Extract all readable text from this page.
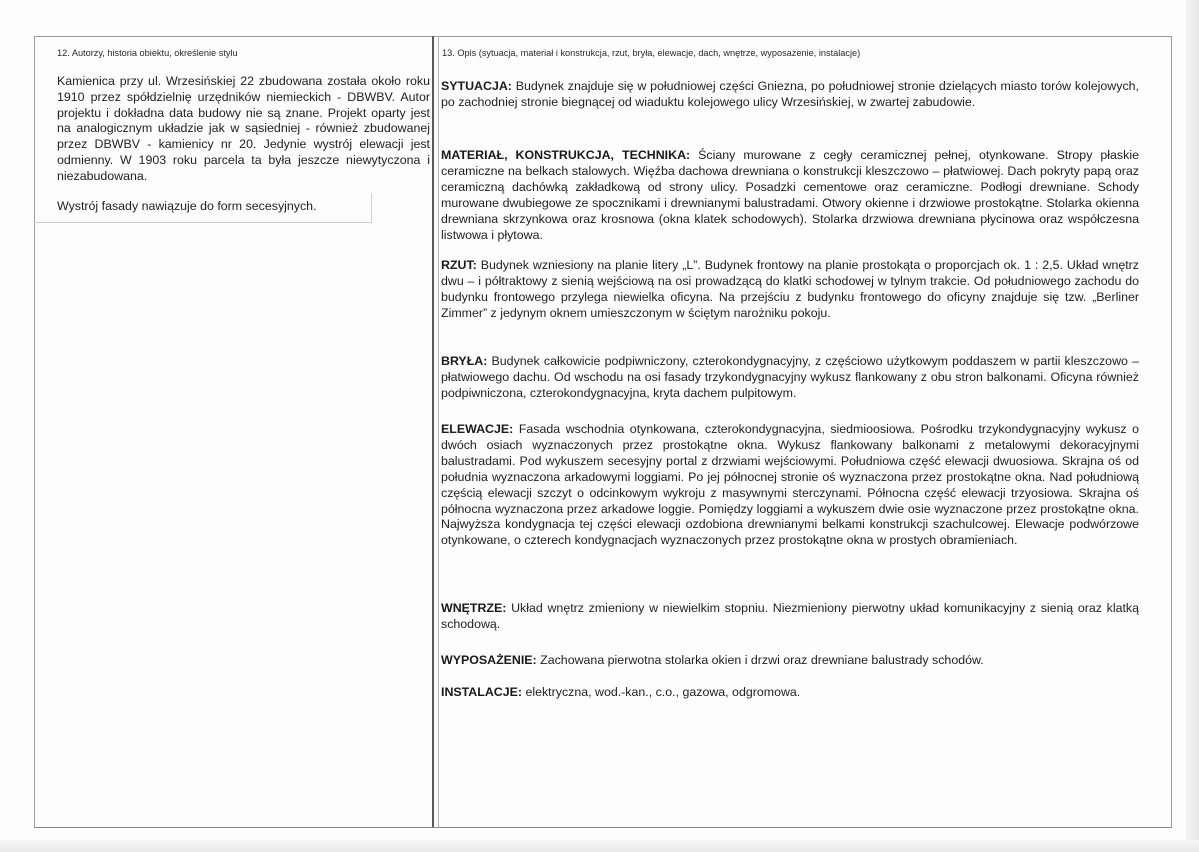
12. Autorzy, historia obiektu, określenie stylu	13. Opis (sytuacja, materiał i konstrukcja, rzut, bryła, elewacje, dach, wnętrze, wyposażenie, instalacje)

Kamienica przy ul. Wrzesińskiej 22 zbudowana została około roku 1910 przez spółdzielnię urzędników niemieckich - DBWBV. Autor projektu i dokładna data budowy nie są znane. Projekt oparty jest na analogicznym układzie jak w sąsiedniej - również zbudowanej przez DBWBV - kamienicy nr 20. Jedynie wystrój elewacji jest odmienny. W 1903 roku parcela ta była jeszcze niewytyczona i niezabudowana.

Wystrój fasady nawiązuje do form secesyjnych.

SYTUACJA: Budynek znajduje się w południowej części Gniezna, po południowej stronie dzielących miasto torów kolejowych, po zachodniej stronie biegnącej od wiaduktu kolejowego ulicy Wrzesińskiej, w zwartej zabudowie.

MATERIAŁ, KONSTRUKCJA, TECHNIKA: Ściany murowane z cegły ceramicznej pełnej, otynkowane. Stropy płaskie ceramiczne na belkach stalowych. Więźba dachowa drewniana o konstrukcji kleszczowo – płatwiowej. Dach pokryty papą oraz ceramiczną dachówką zakładkową od strony ulicy. Posadzki cementowe oraz ceramiczne. Podłogi drewniane. Schody murowane dwubiegowe ze spocznikami i drewnianymi balustradami. Otwory okienne i drzwiowe prostokątne. Stolarka okienna drewniana skrzynkowa oraz krosnowa (okna klatek schodowych). Stolarka drzwiowa drewniana płycinowa oraz współczesna listwowa i płytowa.

RZUT: Budynek wzniesiony na planie litery „L”. Budynek frontowy na planie prostokąta o proporcjach ok. 1 : 2,5. Układ wnętrz dwu – i półtraktowy z sienią wejściową na osi prowadzącą do klatki schodowej w tylnym trakcie. Od południowego zachodu do budynku frontowego przylega niewielka oficyna. Na przejściu z budynku frontowego do oficyny znajduje się tzw. „Berliner Zimmer” z jedynym oknem umieszczonym w ściętym narożniku pokoju.

BRYŁA: Budynek całkowicie podpiwniczony, czterokondygnacyjny, z częściowo użytkowym poddaszem w partii kleszczowo – płatwiowego dachu. Od wschodu na osi fasady trzykondygnacyjny wykusz flankowany z obu stron balkonami. Oficyna również podpiwniczona, czterokondygnacyjna, kryta dachem pulpitowym.

ELEWACJE: Fasada wschodnia otynkowana, czterokondygnacyjna, siedmioosiowa. Pośrodku trzykondygnacyjny wykusz o dwóch osiach wyznaczonych przez prostokątne okna. Wykusz flankowany balkonami z metalowymi dekoracyjnymi balustradami. Pod wykuszem secesyjny portal z drzwiami wejściowymi. Południowa część elewacji dwuosiowa. Skrajna oś od południa wyznaczona arkadowymi loggiami. Po jej północnej stronie oś wyznaczona przez prostokątne okna. Nad południową częścią elewacji szczyt o odcinkowym wykroju z masywnymi sterczynami. Północna część elewacji trzyosiowa. Skrajna oś północna wyznaczona przez arkadowe loggie. Pomiędzy loggiami a wykuszem dwie osie wyznaczone przez prostokątne okna. Najwyższa kondygnacja tej części elewacji ozdobiona drewnianymi belkami konstrukcji szachulcowej. Elewacje podwórzowe otynkowane, o czterech kondygnacjach wyznaczonych przez prostokątne okna w prostych obramieniach.

WNĘTRZE: Układ wnętrz zmieniony w niewielkim stopniu. Niezmieniony pierwotny układ komunikacyjny z sienią oraz klatką schodową.

WYPOSAŻENIE: Zachowana pierwotna stolarka okien i drzwi oraz drewniane balustrady schodów.

INSTALACJE: elektryczna, wod.-kan., c.o., gazowa, odgromowa.
